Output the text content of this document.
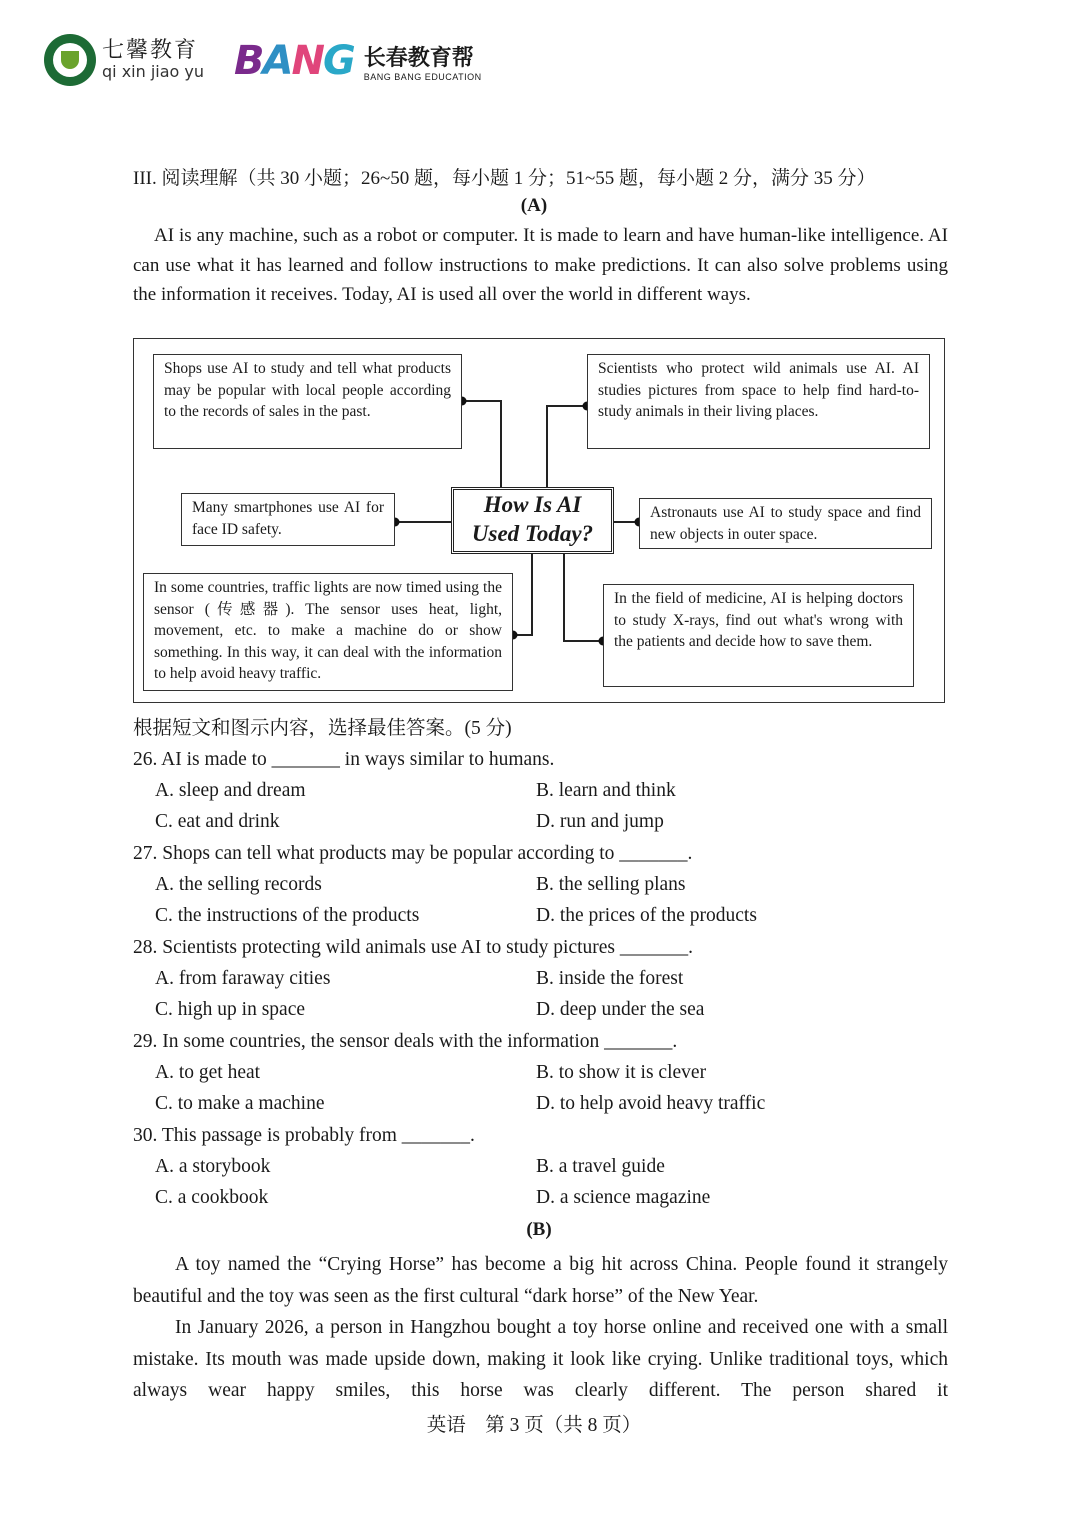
七馨教育
qi xin jiao yu BANG 长春教育帮
BANG BANG EDUCATION
III. 阅读理解（共 30 小题；26~50 题，每小题 1 分；51~55 题，每小题 2 分，满分 35 分）
(A)
AI is any machine, such as a robot or computer. It is made to learn and have human-like intelligence. AI can use what it has learned and follow instructions to make predictions. It can also solve problems using the information it receives. Today, AI is used all over the world in different ways.
Shops use AI to study and tell what products may be popular with local people according to the records of sales in the past.
Scientists who protect wild animals use AI. AI studies pictures from space to help find hard-to-study animals in their living places.
Many smartphones use AI for face ID safety.
How Is AI
Used Today?
Astronauts use AI to study space and find new objects in outer space.
In some countries, traffic lights are now timed using the sensor (传感器). The sensor uses heat, light, movement, etc. to make a machine do or show something. In this way, it can deal with the information to help avoid heavy traffic.
In the field of medicine, AI is helping doctors to study X-rays, find out what's wrong with the patients and decide how to save them.
根据短文和图示内容，选择最佳答案。(5 分)
26. AI is made to _______ in ways similar to humans.
A. sleep and dream	B. learn and think
C. eat and drink	D. run and jump
27. Shops can tell what products may be popular according to _______.
A. the selling records	B. the selling plans
C. the instructions of the products	D. the prices of the products
28. Scientists protecting wild animals use AI to study pictures _______.
A. from faraway cities	B. inside the forest
C. high up in space	D. deep under the sea
29. In some countries, the sensor deals with the information _______.
A. to get heat	B. to show it is clever
C. to make a machine	D. to help avoid heavy traffic
30. This passage is probably from _______.
A. a storybook	B. a travel guide
C. a cookbook	D. a science magazine
(B)
A toy named the “Crying Horse” has become a big hit across China. People found it strangely beautiful and the toy was seen as the first cultural “dark horse” of the New Year.
In January 2026, a person in Hangzhou bought a toy horse online and received one with a small mistake. Its mouth was made upside down, making it look like crying. Unlike traditional toys, which always wear happy smiles, this horse was clearly different. The person shared it
英语　第 3 页（共 8 页）
